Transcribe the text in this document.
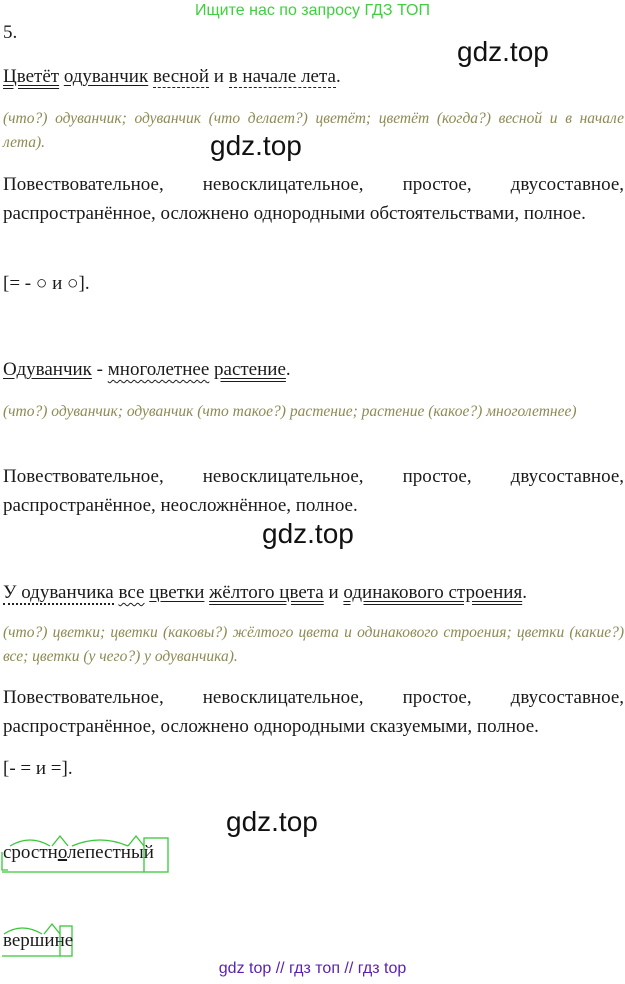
Ищите нас по запросу ГДЗ ТОП
5.
gdz.top
Цветёт одуванчик весной и в начале лета.
(что?) одуванчик; одуванчик (что делает?) цветёт; цветёт (когда?) весной и в начале лета).	gdz.top
Повествовательное, невосклицательное, простое, двусоставное, распространённое, осложнено однородными обстоятельствами, полное.
[= - ○ и ○].
Одуванчик - многолетнее растение.
(что?) одуванчик; одуванчик (что такое?) растение; растение (какое?) многолетнее)
Повествовательное, невосклицательное, простое, двусоставное, распространённое, неосложнённое, полное.
gdz.top
У одуванчика все цветки жёлтого цвета и одинакового строения.
(что?) цветки; цветки (каковы?) жёлтого цвета и одинакового строения; цветки (какие?) все; цветки (у чего?) у одуванчика).
Повествовательное, невосклицательное, простое, двусоставное, распространённое, осложнено однородными сказуемыми, полное.
[- = и =].
gdz.top
сростнолепестный
вершине
gdz top // гдз топ // гдз top
